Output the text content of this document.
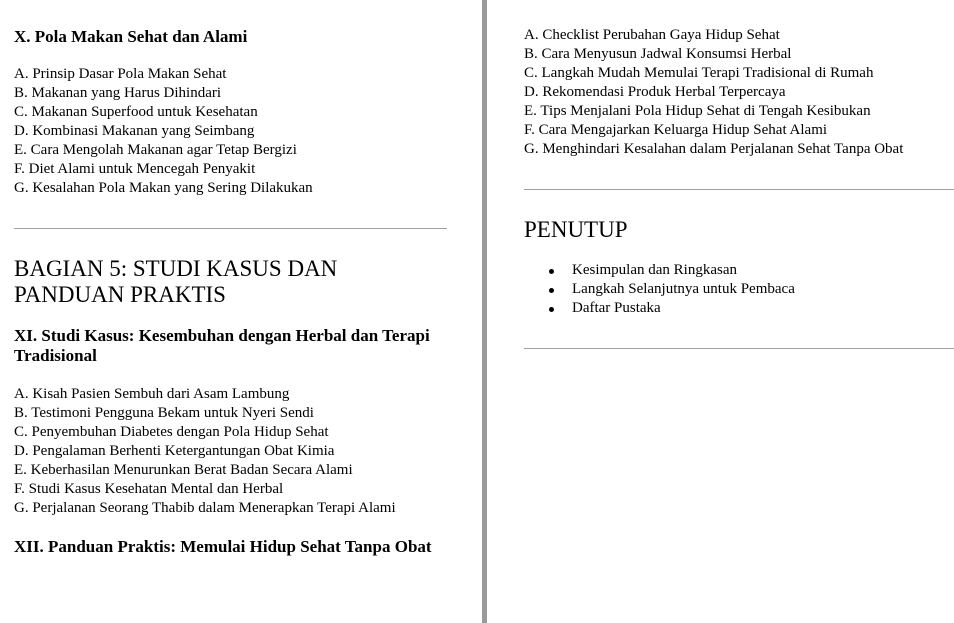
X. Pola Makan Sehat dan Alami
A. Prinsip Dasar Pola Makan Sehat
B. Makanan yang Harus Dihindari
C. Makanan Superfood untuk Kesehatan
D. Kombinasi Makanan yang Seimbang
E. Cara Mengolah Makanan agar Tetap Bergizi
F. Diet Alami untuk Mencegah Penyakit
G. Kesalahan Pola Makan yang Sering Dilakukan
BAGIAN 5: STUDI KASUS DAN PANDUAN PRAKTIS
XI. Studi Kasus: Kesembuhan dengan Herbal dan Terapi Tradisional
A. Kisah Pasien Sembuh dari Asam Lambung
B. Testimoni Pengguna Bekam untuk Nyeri Sendi
C. Penyembuhan Diabetes dengan Pola Hidup Sehat
D. Pengalaman Berhenti Ketergantungan Obat Kimia
E. Keberhasilan Menurunkan Berat Badan Secara Alami
F. Studi Kasus Kesehatan Mental dan Herbal
G. Perjalanan Seorang Thabib dalam Menerapkan Terapi Alami
XII. Panduan Praktis: Memulai Hidup Sehat Tanpa Obat
A. Checklist Perubahan Gaya Hidup Sehat
B. Cara Menyusun Jadwal Konsumsi Herbal
C. Langkah Mudah Memulai Terapi Tradisional di Rumah
D. Rekomendasi Produk Herbal Terpercaya
E. Tips Menjalani Pola Hidup Sehat di Tengah Kesibukan
F. Cara Mengajarkan Keluarga Hidup Sehat Alami
G. Menghindari Kesalahan dalam Perjalanan Sehat Tanpa Obat
PENUTUP
Kesimpulan dan Ringkasan
Langkah Selanjutnya untuk Pembaca
Daftar Pustaka
